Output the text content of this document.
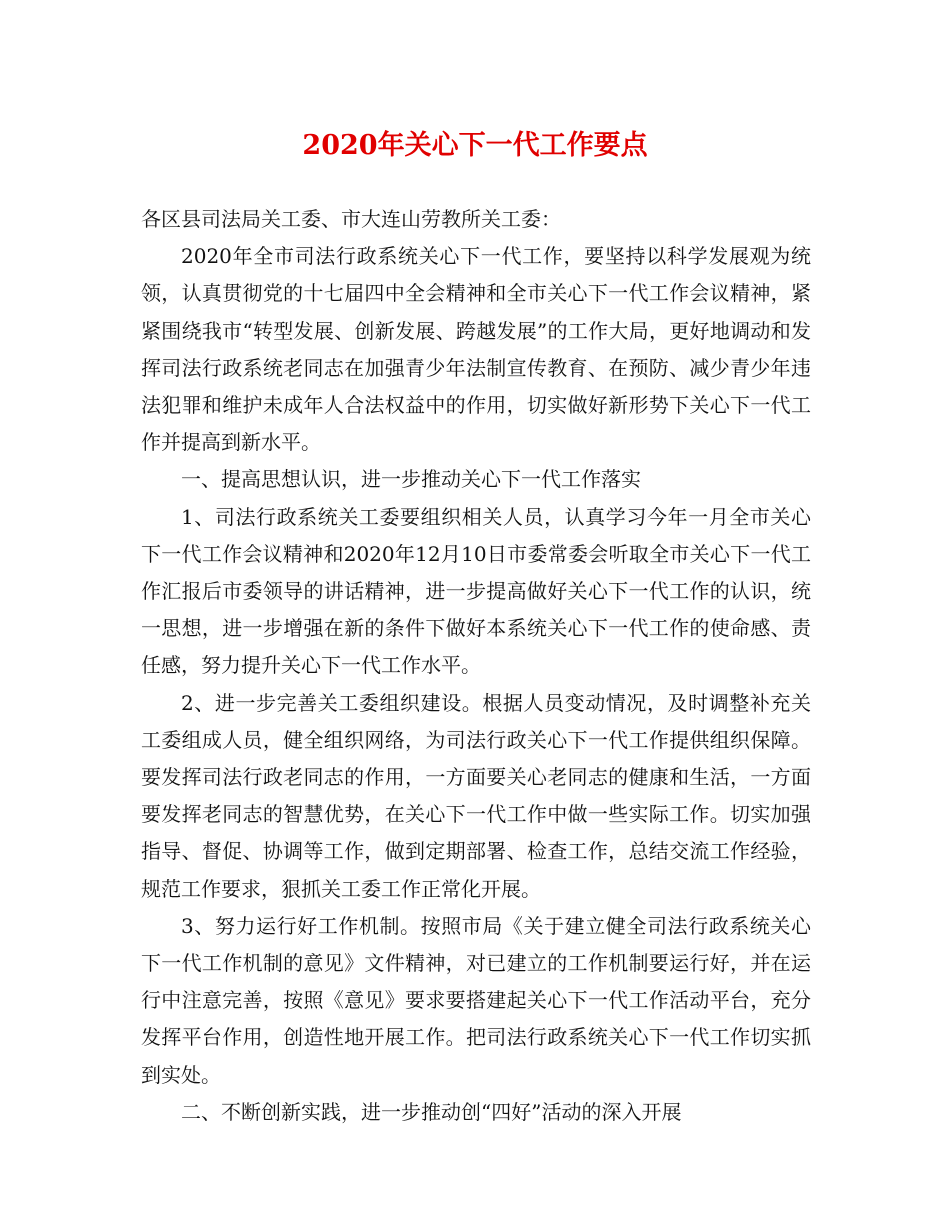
2020年关心下一代工作要点

各区县司法局关工委、市大连山劳教所关工委：

2020年全市司法行政系统关心下一代工作，要坚持以科学发展观为统领，认真贯彻党的十七届四中全会精神和全市关心下一代工作会议精神，紧紧围绕我市“转型发展、创新发展、跨越发展”的工作大局，更好地调动和发挥司法行政系统老同志在加强青少年法制宣传教育、在预防、减少青少年违法犯罪和维护未成年人合法权益中的作用，切实做好新形势下关心下一代工作并提高到新水平。

一、提高思想认识，进一步推动关心下一代工作落实

1、司法行政系统关工委要组织相关人员，认真学习今年一月全市关心下一代工作会议精神和2020年12月10日市委常委会听取全市关心下一代工作汇报后市委领导的讲话精神，进一步提高做好关心下一代工作的认识，统一思想，进一步增强在新的条件下做好本系统关心下一代工作的使命感、责任感，努力提升关心下一代工作水平。

2、进一步完善关工委组织建设。根据人员变动情况，及时调整补充关工委组成人员，健全组织网络，为司法行政关心下一代工作提供组织保障。要发挥司法行政老同志的作用，一方面要关心老同志的健康和生活，一方面要发挥老同志的智慧优势，在关心下一代工作中做一些实际工作。切实加强指导、督促、协调等工作，做到定期部署、检查工作，总结交流工作经验，规范工作要求，狠抓关工委工作正常化开展。

3、努力运行好工作机制。按照市局《关于建立健全司法行政系统关心下一代工作机制的意见》文件精神，对已建立的工作机制要运行好，并在运行中注意完善，按照《意见》要求要搭建起关心下一代工作活动平台，充分发挥平台作用，创造性地开展工作。把司法行政系统关心下一代工作切实抓到实处。

二、不断创新实践，进一步推动创“四好”活动的深入开展
